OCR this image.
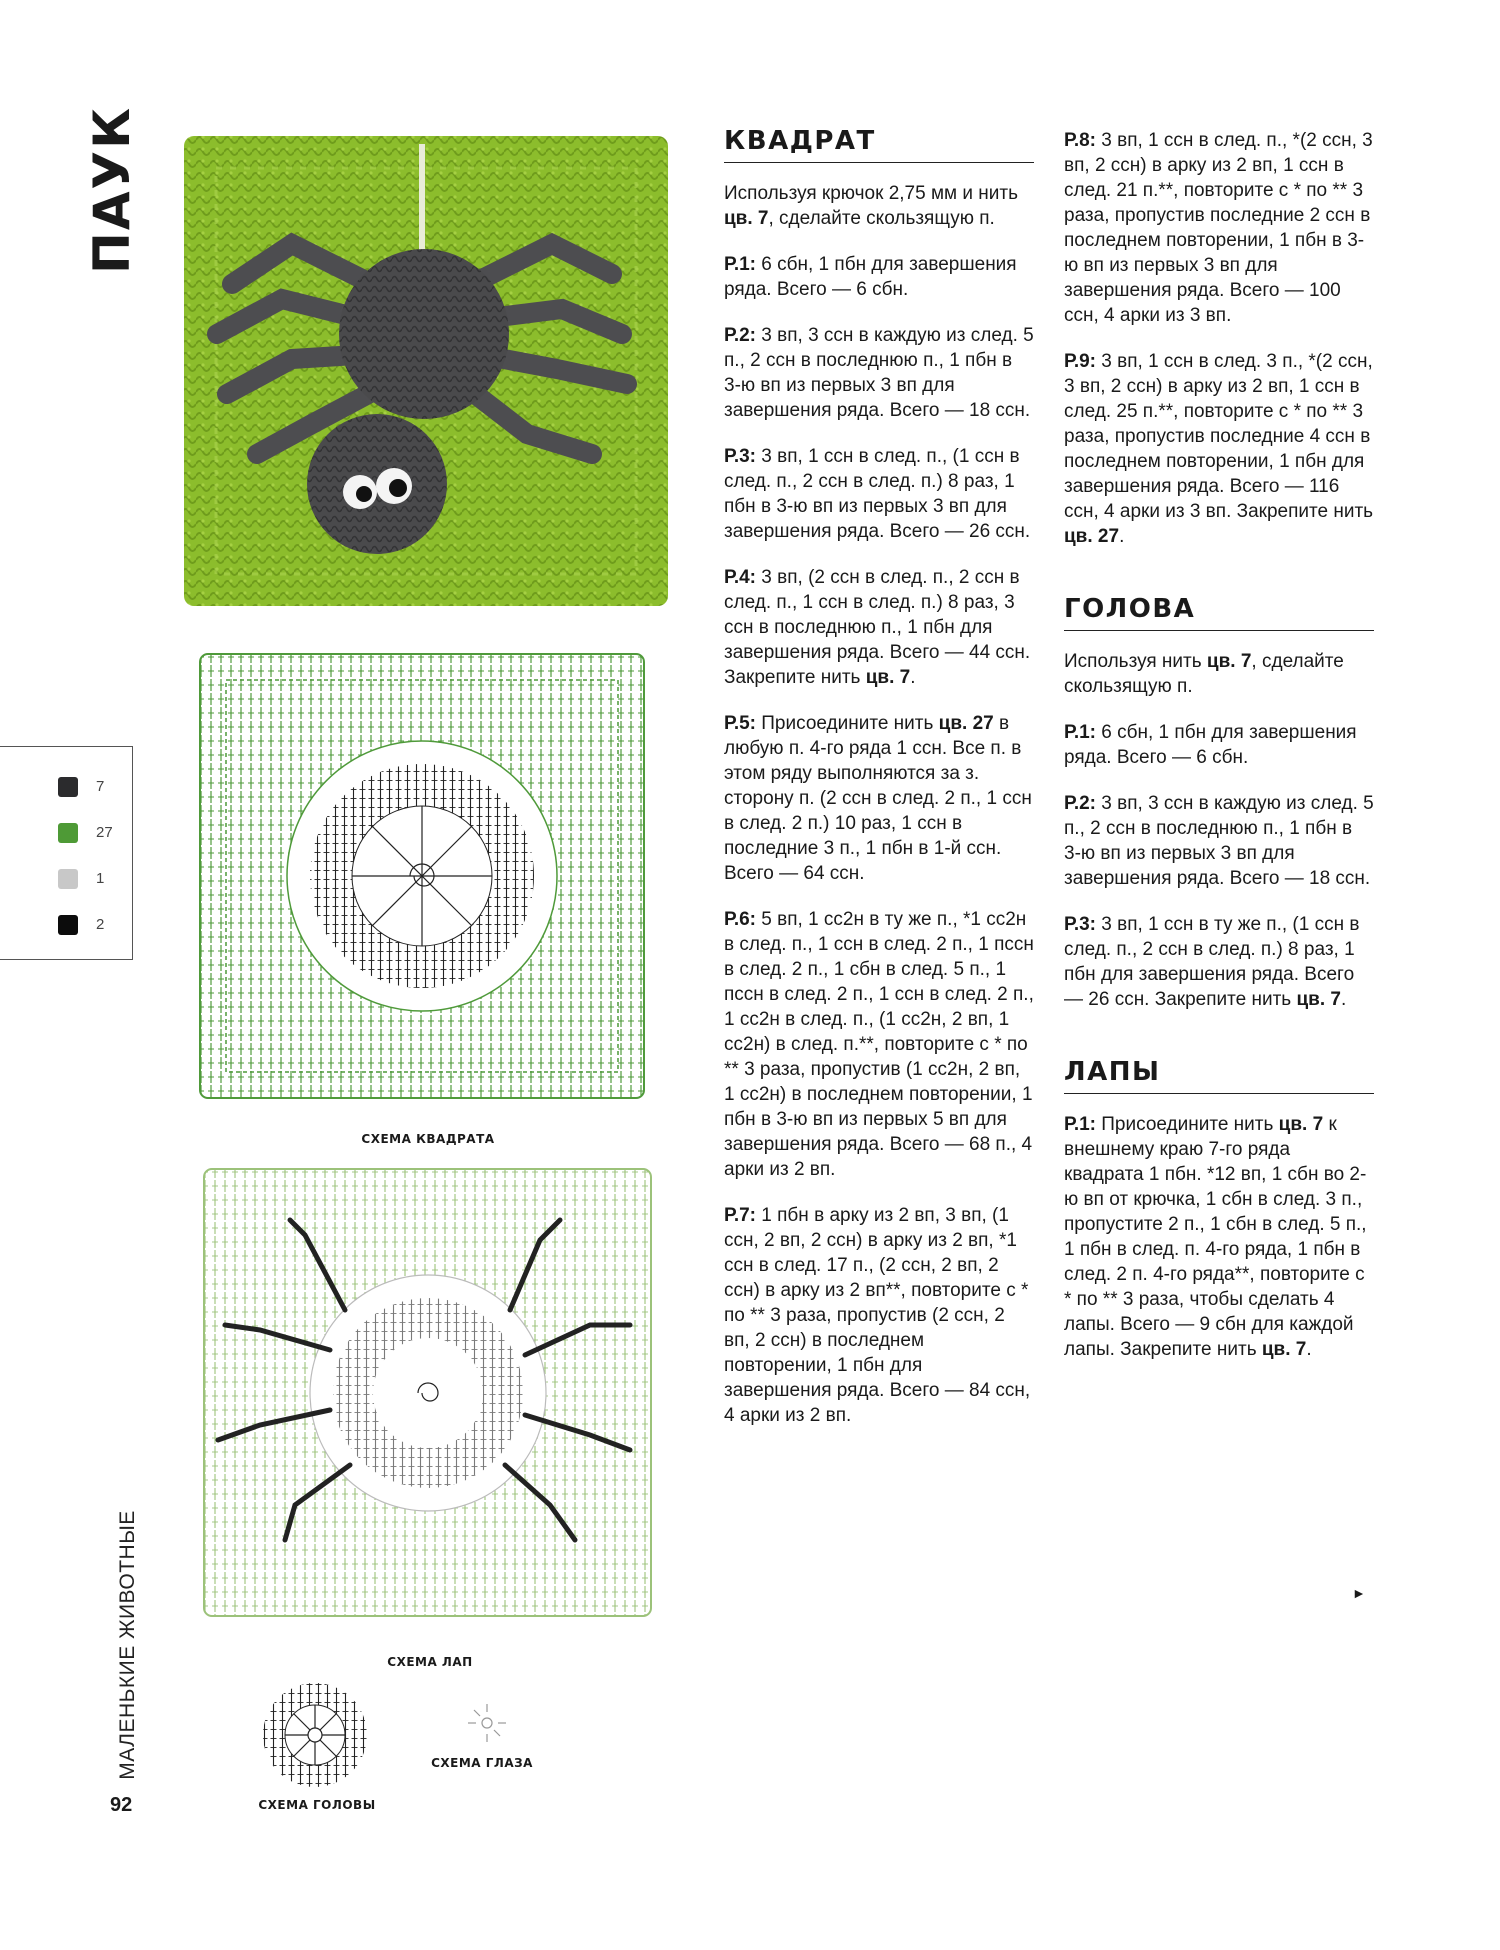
ПАУК
7
27
1
2
МАЛЕНЬКИЕ ЖИВОТНЫЕ
92
СХЕМА КВАДРАТА
СХЕМА ЛАП
СХЕМА ГОЛОВЫ
СХЕМА ГЛАЗА
КВАДРАТ

Используя крючок 2,75 мм и нить цв. 7, сделайте скользящую п.

Р.1: 6 сбн, 1 пбн для завершения ряда. Всего — 6 сбн.

Р.2: 3 вп, 3 ссн в каждую из след. 5 п., 2 ссн в последнюю п., 1 пбн в 3-ю вп из первых 3 вп для завершения ряда. Всего — 18 ссн.

Р.3: 3 вп, 1 ссн в след. п., (1 ссн в след. п., 2 ссн в след. п.) 8 раз, 1 пбн в 3-ю вп из первых 3 вп для завершения ряда. Всего — 26 ссн.

Р.4: 3 вп, (2 ссн в след. п., 2 ссн в след. п., 1 ссн в след. п.) 8 раз, 3 ссн в последнюю п., 1 пбн для завершения ряда. Всего — 44 ссн. Закрепите нить цв. 7.

Р.5: Присоедините нить цв. 27 в любую п. 4-го ряда 1 ссн. Все п. в этом ряду выполняются за з. сторону п. (2 ссн в след. 2 п., 1 ссн в след. 2 п.) 10 раз, 1 ссн в последние 3 п., 1 пбн в 1-й ссн. Всего — 64 ссн.

Р.6: 5 вп, 1 сс2н в ту же п., *1 сс2н в след. п., 1 ссн в след. 2 п., 1 пссн в след. 2 п., 1 сбн в след. 5 п., 1 пссн в след. 2 п., 1 ссн в след. 2 п., 1 сс2н в след. п., (1 сс2н, 2 вп, 1 сс2н) в след. п.**, повторите с * по ** 3 раза, пропустив (1 сс2н, 2 вп, 1 сс2н) в последнем повторении, 1 пбн в 3-ю вп из первых 5 вп для завершения ряда. Всего — 68 п., 4 арки из 2 вп.

Р.7: 1 пбн в арку из 2 вп, 3 вп, (1 ссн, 2 вп, 2 ссн) в арку из 2 вп, *1 ссн в след. 17 п., (2 ссн, 2 вп, 2 ссн) в арку из 2 вп**, повторите с * по ** 3 раза, пропустив (2 ссн, 2 вп, 2 ссн) в последнем повторении, 1 пбн для завершения ряда. Всего — 84 ссн, 4 арки из 2 вп.

Р.8: 3 вп, 1 ссн в след. п., *(2 ссн, 3 вп, 2 ссн) в арку из 2 вп, 1 ссн в след. 21 п.**, повторите с * по ** 3 раза, пропустив последние 2 ссн в последнем повторении, 1 пбн в 3-ю вп из первых 3 вп для завершения ряда. Всего — 100 ссн, 4 арки из 3 вп.

Р.9: 3 вп, 1 ссн в след. 3 п., *(2 ссн, 3 вп, 2 ссн) в арку из 2 вп, 1 ссн в след. 25 п.**, повторите с * по ** 3 раза, пропустив последние 4 ссн в последнем повторении, 1 пбн для завершения ряда. Всего — 116 ссн, 4 арки из 3 вп. Закрепите нить цв. 27.

ГОЛОВА

Используя нить цв. 7, сделайте скользящую п.

Р.1: 6 сбн, 1 пбн для завершения ряда. Всего — 6 сбн.

Р.2: 3 вп, 3 ссн в каждую из след. 5 п., 2 ссн в последнюю п., 1 пбн в 3-ю вп из первых 3 вп для завершения ряда. Всего — 18 ссн.

Р.3: 3 вп, 1 ссн в ту же п., (1 ссн в след. п., 2 ссн в след. п.) 8 раз, 1 пбн для завершения ряда. Всего — 26 ссн. Закрепите нить цв. 7.

ЛАПЫ

Р.1: Присоедините нить цв. 7 к внешнему краю 7-го ряда квадрата 1 пбн. *12 вп, 1 сбн во 2-ю вп от крючка, 1 сбн в след. 3 п., пропустите 2 п., 1 сбн в след. 5 п., 1 пбн в след. п. 4-го ряда, 1 пбн в след. 2 п. 4-го ряда**, повторите с * по ** 3 раза, чтобы сделать 4 лапы. Всего — 9 сбн для каждой лапы. Закрепите нить цв. 7.

►
